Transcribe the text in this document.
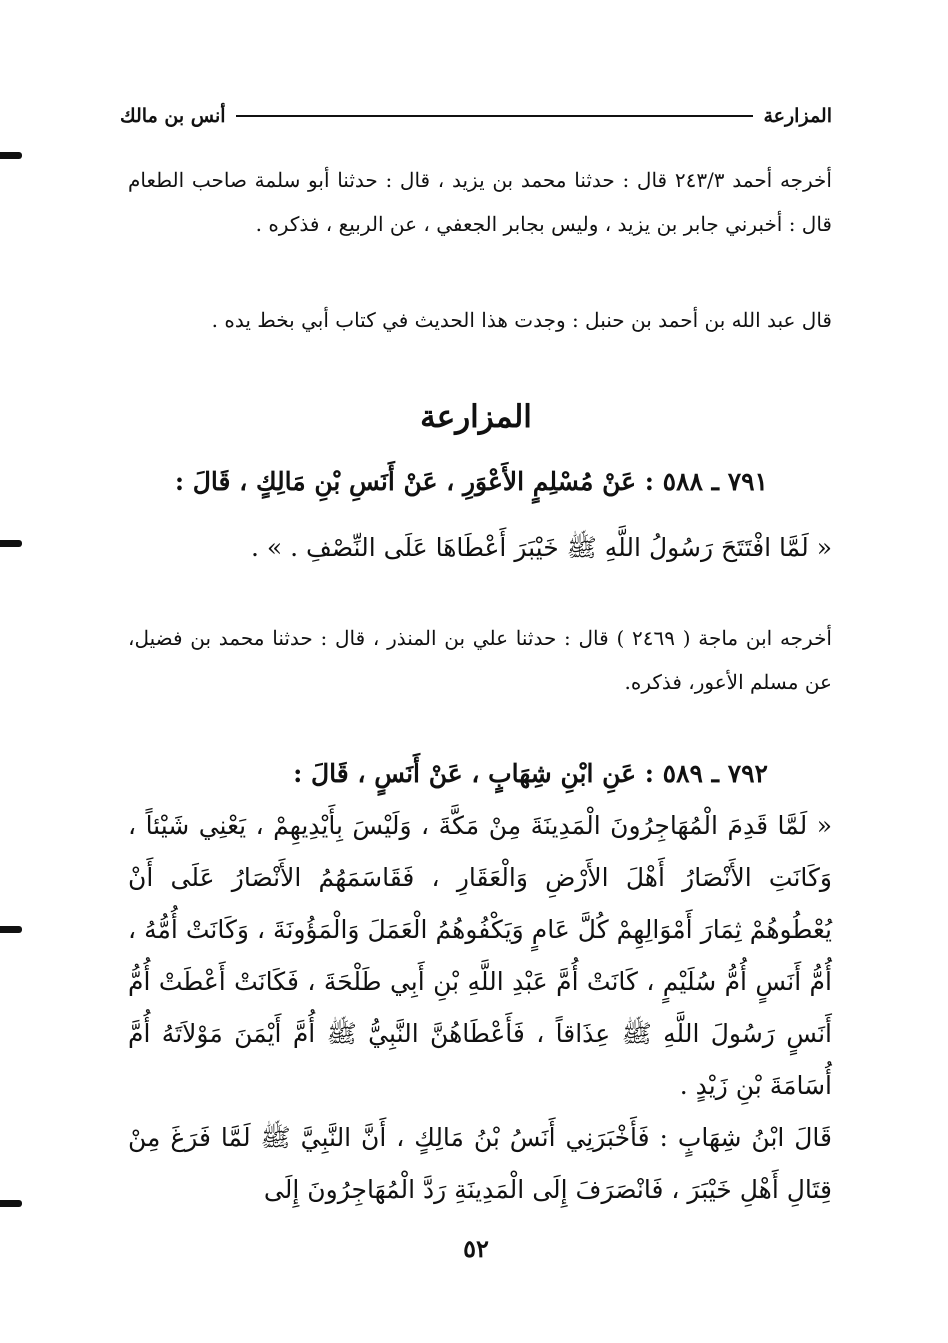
المزارعة
أنس بن مالك

أخرجه أحمد ٢٤٣/٣ قال : حدثنا محمد بن يزيد ، قال : حدثنا أبو سلمة صاحب الطعام قال : أخبرني جابر بن يزيد ، وليس بجابر الجعفي ، عن الربيع ، فذكره .

قال عبد الله بن أحمد بن حنبل : وجدت هذا الحديث في كتاب أبي بخط يده .

المزارعة

٧٩١ ـ ٥٨٨ : عَنْ مُسْلِمٍ الأَعْوَرِ ، عَنْ أَنَسِ بْنِ مَالِكٍ ، قَالَ :

« لَمَّا افْتَتَحَ رَسُولُ اللَّهِ ﷺ خَيْبَرَ أَعْطَاهَا عَلَى النِّصْفِ . » .

أخرجه ابن ماجة ( ٢٤٦٩ ) قال : حدثنا علي بن المنذر ، قال : حدثنا محمد بن فضيل، عن مسلم الأعور، فذكره.

٧٩٢ ـ ٥٨٩ : عَنِ ابْنِ شِهَابٍ ، عَنْ أَنَسٍ ، قَالَ :

« لَمَّا قَدِمَ الْمُهَاجِرُونَ الْمَدِينَةَ مِنْ مَكَّةَ ، وَلَيْسَ بِأَيْدِيهِمْ ، يَعْنِي شَيْئاً ، وَكَانَتِ الأَنْصَارُ أَهْلَ الأَرْضِ وَالْعَقَارِ ، فَقَاسَمَهُمُ الأَنْصَارُ عَلَى أَنْ يُعْطُوهُمْ ثِمَارَ أَمْوَالِهِمْ كُلَّ عَامٍ وَيَكْفُوهُمُ الْعَمَلَ وَالْمَؤُونَةَ ، وَكَانَتْ أُمُّهُ ، أُمُّ أَنَسٍ أُمُّ سُلَيْمٍ ، كَانَتْ أُمَّ عَبْدِ اللَّهِ بْنِ أَبِي طَلْحَةَ ، فَكَانَتْ أَعْطَتْ أُمُّ أَنَسٍ رَسُولَ اللَّهِ ﷺ عِذَاقاً ، فَأَعْطَاهُنَّ النَّبِيُّ ﷺ أُمَّ أَيْمَنَ مَوْلاَتَهُ أُمَّ أُسَامَةَ بْنِ زَيْدٍ .

قَالَ ابْنُ شِهَابٍ : فَأَخْبَرَنِي أَنَسُ بْنُ مَالِكٍ ، أَنَّ النَّبِيَّ ﷺ لَمَّا فَرَغَ مِنْ قِتَالِ أَهْلِ خَيْبَرَ ، فَانْصَرَفَ إِلَى الْمَدِينَةِ رَدَّ الْمُهَاجِرُونَ إِلَى

٥٢
